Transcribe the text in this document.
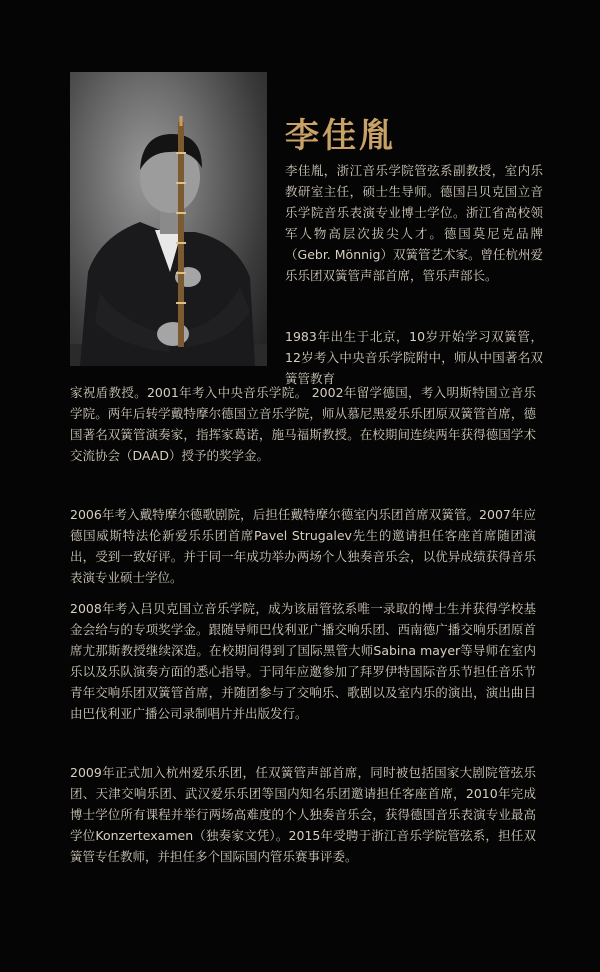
李佳胤

李佳胤，浙江音乐学院管弦系副教授，室内乐教研室主任，硕士生导师。德国吕贝克国立音乐学院音乐表演专业博士学位。浙江省高校领军人物高层次拔尖人才。德国莫尼克品牌（Gebr. Mönnig）双簧管艺术家。曾任杭州爱乐乐团双簧管声部首席，管乐声部长。

1983年出生于北京，10岁开始学习双簧管，12岁考入中央音乐学院附中，师从中国著名双簧管教育

家祝盾教授。2001年考入中央音乐学院。 2002年留学德国，考入明斯特国立音乐学院。两年后转学戴特摩尔德国立音乐学院，师从慕尼黑爱乐乐团原双簧管首席，德国著名双簧管演奏家，指挥家葛诺，施马福斯教授。在校期间连续两年获得德国学术交流协会（DAAD）授予的奖学金。

2006年考入戴特摩尔德歌剧院，后担任戴特摩尔德室内乐团首席双簧管。2007年应德国威斯特法伦新爱乐乐团首席Pavel Strugalev先生的邀请担任客座首席随团演出，受到一致好评。并于同一年成功举办两场个人独奏音乐会，以优异成绩获得音乐表演专业硕士学位。

2008年考入吕贝克国立音乐学院，成为该届管弦系唯一录取的博士生并获得学校基金会给与的专项奖学金。跟随导师巴伐利亚广播交响乐团、西南德广播交响乐团原首席尤那斯教授继续深造。在校期间得到了国际黑管大师Sabina mayer等导师在室内乐以及乐队演奏方面的悉心指导。于同年应邀参加了拜罗伊特国际音乐节担任音乐节青年交响乐团双簧管首席，并随团参与了交响乐、歌剧以及室内乐的演出，演出曲目由巴伐利亚广播公司录制唱片并出版发行。

2009年正式加入杭州爱乐乐团，任双簧管声部首席，同时被包括国家大剧院管弦乐团、天津交响乐团、武汉爱乐乐团等国内知名乐团邀请担任客座首席，2010年完成博士学位所有课程并举行两场高难度的个人独奏音乐会，获得德国音乐表演专业最高学位Konzertexamen（独奏家文凭）。2015年受聘于浙江音乐学院管弦系，担任双簧管专任教师，并担任多个国际国内管乐赛事评委。
